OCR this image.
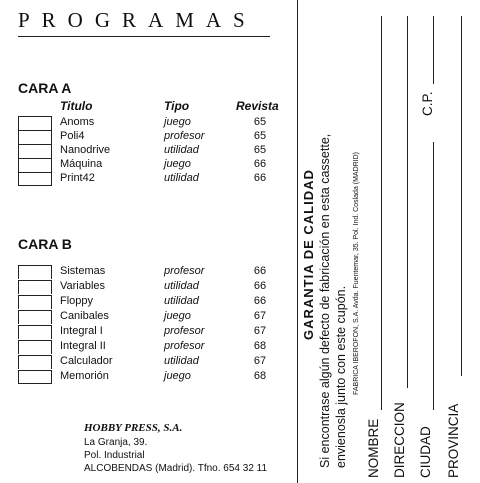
PROGRAMAS
CARA A
Titulo	Tipo	Revista
Anoms	juego	65
Poli4	profesor	65
Nanodrive	utilidad	65
Máquina	juego	66
Print42	utilidad	66
CARA B
Sistemas	profesor	66
Variables	utilidad	66
Floppy	utilidad	66
Canibales	juego	67
Integral I	profesor	67
Integral II	profesor	68
Calculador	utilidad	67
Memorión	juego	68
HOBBY PRESS, S.A.
La Granja, 39.
Pol. Industrial
ALCOBENDAS (Madrid). Tfno. 654 32 11
GARANTIA DE CALIDAD Si encontrase algún defecto de fabricación en esta cassette, envienosla junto con este cupón. FABRICA IBEROFON, S.A. Avda. Fuentemar, 35. Pol. Ind. Coslada (MADRID)
NOMBRE DIRECCION CIUDAD
C.P.
PROVINCIA
